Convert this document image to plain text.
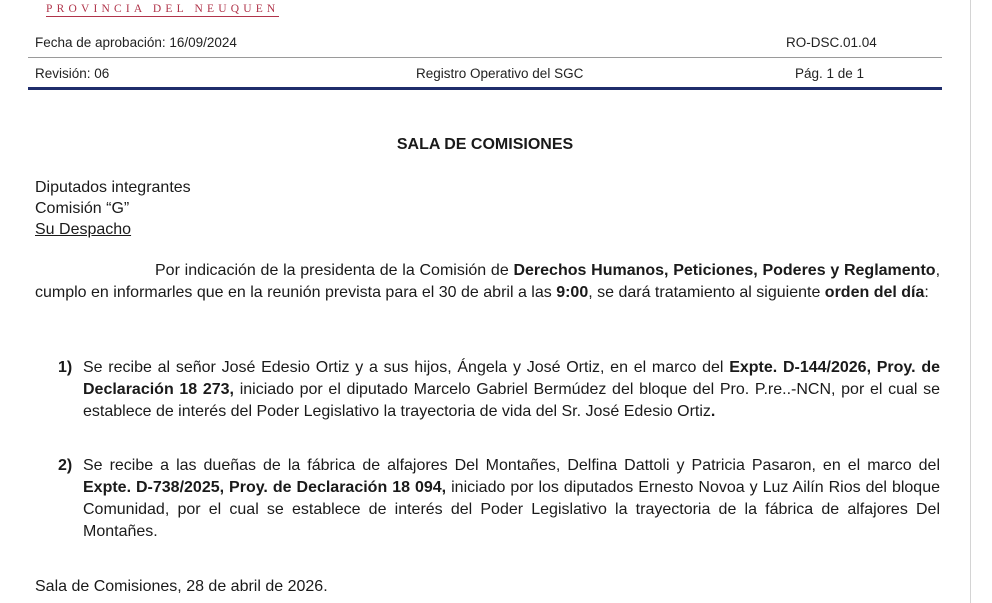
PROVINCIA DEL NEUQUEN
Fecha de aprobación: 16/09/2024	RO-DSC.01.04
Revisión: 06	Registro Operativo del SGC	Pág. 1 de 1
SALA DE COMISIONES
Diputados integrantes
Comisión “G”
Su Despacho
Por indicación de la presidenta de la Comisión de Derechos Humanos, Peticiones, Poderes y Reglamento, cumplo en informarles que en la reunión prevista para el 30 de abril a las 9:00, se dará tratamiento al siguiente orden del día:
1) Se recibe al señor José Edesio Ortiz y a sus hijos, Ángela y José Ortiz, en el marco del Expte. D-144/2026, Proy. de Declaración 18 273, iniciado por el diputado Marcelo Gabriel Bermúdez del bloque del Pro. P.re..-NCN, por el cual se establece de interés del Poder Legislativo la trayectoria de vida del Sr. José Edesio Ortiz.
2) Se recibe a las dueñas de la fábrica de alfajores Del Montañes, Delfina Dattoli y Patricia Pasaron, en el marco del Expte. D-738/2025, Proy. de Declaración 18 094, iniciado por los diputados Ernesto Novoa y Luz Ailín Rios del bloque Comunidad, por el cual se establece de interés del Poder Legislativo la trayectoria de la fábrica de alfajores Del Montañes.
Sala de Comisiones, 28 de abril de 2026.
